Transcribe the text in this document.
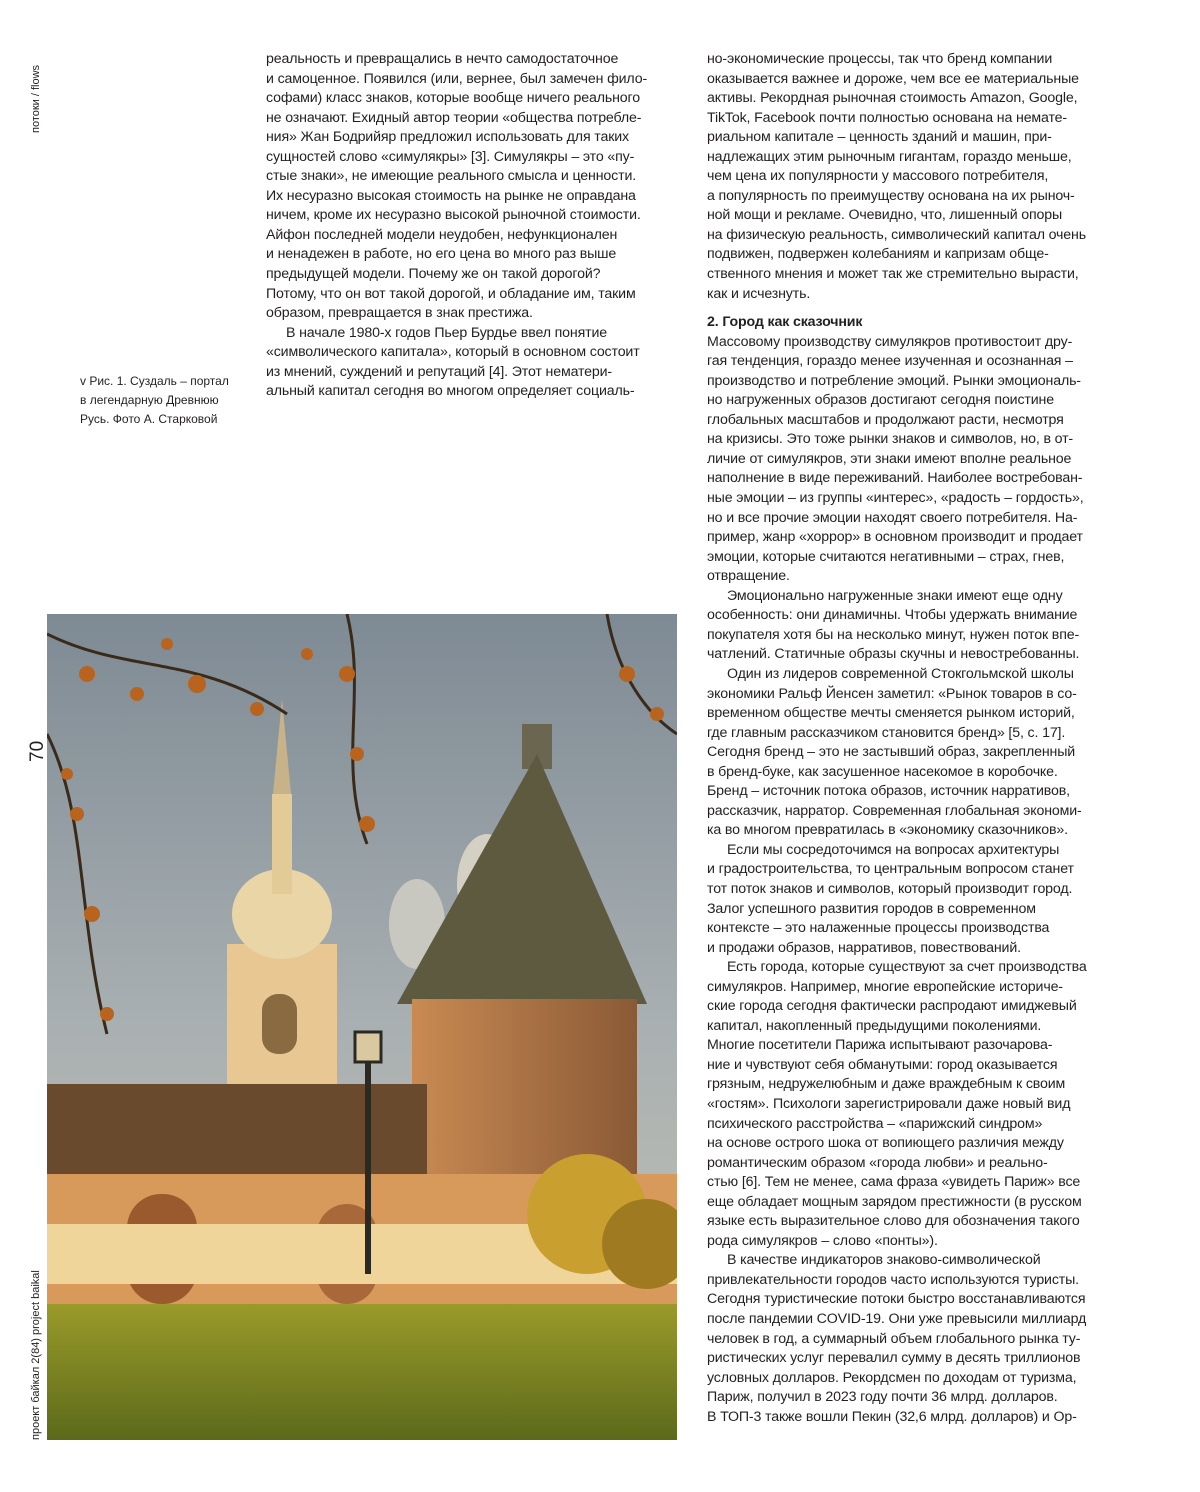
потоки / flows
70
проект байкал 2(84) project baikal
v Рис. 1. Суздаль – портал
в легендарную Древнюю
Русь. Фото А. Старковой
реальность и превращались в нечто самодостаточное
и самоценное. Появился (или, вернее, был замечен фило-
софами) класс знаков, которые вообще ничего реального
не означают. Ехидный автор теории «общества потребле-
ния» Жан Бодрийяр предложил использовать для таких
сущностей слово «симулякры» [3]. Симулякры – это «пу-
стые знаки», не имеющие реального смысла и ценности.
Их несуразно высокая стоимость на рынке не оправдана
ничем, кроме их несуразно высокой рыночной стоимости.
Айфон последней модели неудобен, нефункционален
и ненадежен в работе, но его цена во много раз выше
предыдущей модели. Почему же он такой дорогой?
Потому, что он вот такой дорогой, и обладание им, таким
образом, превращается в знак престижа.
В начале 1980-х годов Пьер Бурдье ввел понятие
«символического капитала», который в основном состоит
из мнений, суждений и репутаций [4]. Этот нематери-
альный капитал сегодня во многом определяет социаль-
но-экономические процессы, так что бренд компании
оказывается важнее и дороже, чем все ее материальные
активы. Рекордная рыночная стоимость Amazon, Google,
TikTok, Facebook почти полностью основана на немате-
риальном капитале – ценность зданий и машин, при-
надлежащих этим рыночным гигантам, гораздо меньше,
чем цена их популярности у массового потребителя,
а популярность по преимуществу основана на их рыноч-
ной мощи и рекламе. Очевидно, что, лишенный опоры
на физическую реальность, символический капитал очень
подвижен, подвержен колебаниям и капризам обще-
ственного мнения и может так же стремительно вырасти,
как и исчезнуть.
2. Город как сказочник
Массовому производству симулякров противостоит дру-
гая тенденция, гораздо менее изученная и осознанная –
производство и потребление эмоций. Рынки эмоциональ-
но нагруженных образов достигают сегодня поистине
глобальных масштабов и продолжают расти, несмотря
на кризисы. Это тоже рынки знаков и символов, но, в от-
личие от симулякров, эти знаки имеют вполне реальное
наполнение в виде переживаний. Наиболее востребован-
ные эмоции – из группы «интерес», «радость – гордость»,
но и все прочие эмоции находят своего потребителя. На-
пример, жанр «хоррор» в основном производит и продает
эмоции, которые считаются негативными – страх, гнев,
отвращение.
Эмоционально нагруженные знаки имеют еще одну
особенность: они динамичны. Чтобы удержать внимание
покупателя хотя бы на несколько минут, нужен поток впе-
чатлений. Статичные образы скучны и невостребованны.
Один из лидеров современной Стокгольмской школы
экономики Ральф Йенсен заметил: «Рынок товаров в со-
временном обществе мечты сменяется рынком историй,
где главным рассказчиком становится бренд» [5, с. 17].
Сегодня бренд – это не застывший образ, закрепленный
в бренд-буке, как засушенное насекомое в коробочке.
Бренд – источник потока образов, источник нарративов,
рассказчик, нарратор. Современная глобальная экономи-
ка во многом превратилась в «экономику сказочников».
Если мы сосредоточимся на вопросах архитектуры
и градостроительства, то центральным вопросом станет
тот поток знаков и символов, который производит город.
Залог успешного развития городов в современном
контексте – это налаженные процессы производства
и продажи образов, нарративов, повествований.
Есть города, которые существуют за счет производства
симулякров. Например, многие европейские историче-
ские города сегодня фактически распродают имиджевый
капитал, накопленный предыдущими поколениями.
Многие посетители Парижа испытывают разочарова-
ние и чувствуют себя обманутыми: город оказывается
грязным, недружелюбным и даже враждебным к своим
«гостям». Психологи зарегистрировали даже новый вид
психического расстройства – «парижский синдром»
на основе острого шока от вопиющего различия между
романтическим образом «города любви» и реально-
стью [6]. Тем не менее, сама фраза «увидеть Париж» все
еще обладает мощным зарядом престижности (в русском
языке есть выразительное слово для обозначения такого
рода симулякров – слово «понты»).
В качестве индикаторов знаково-символической
привлекательности городов часто используются туристы.
Сегодня туристические потоки быстро восстанавливаются
после пандемии COVID-19. Они уже превысили миллиард
человек в год, а суммарный объем глобального рынка ту-
ристических услуг перевалил сумму в десять триллионов
условных долларов. Рекордсмен по доходам от туризма,
Париж, получил в 2023 году почти 36 млрд. долларов.
В ТОП-3 также вошли Пекин (32,6 млрд. долларов) и Ор-
